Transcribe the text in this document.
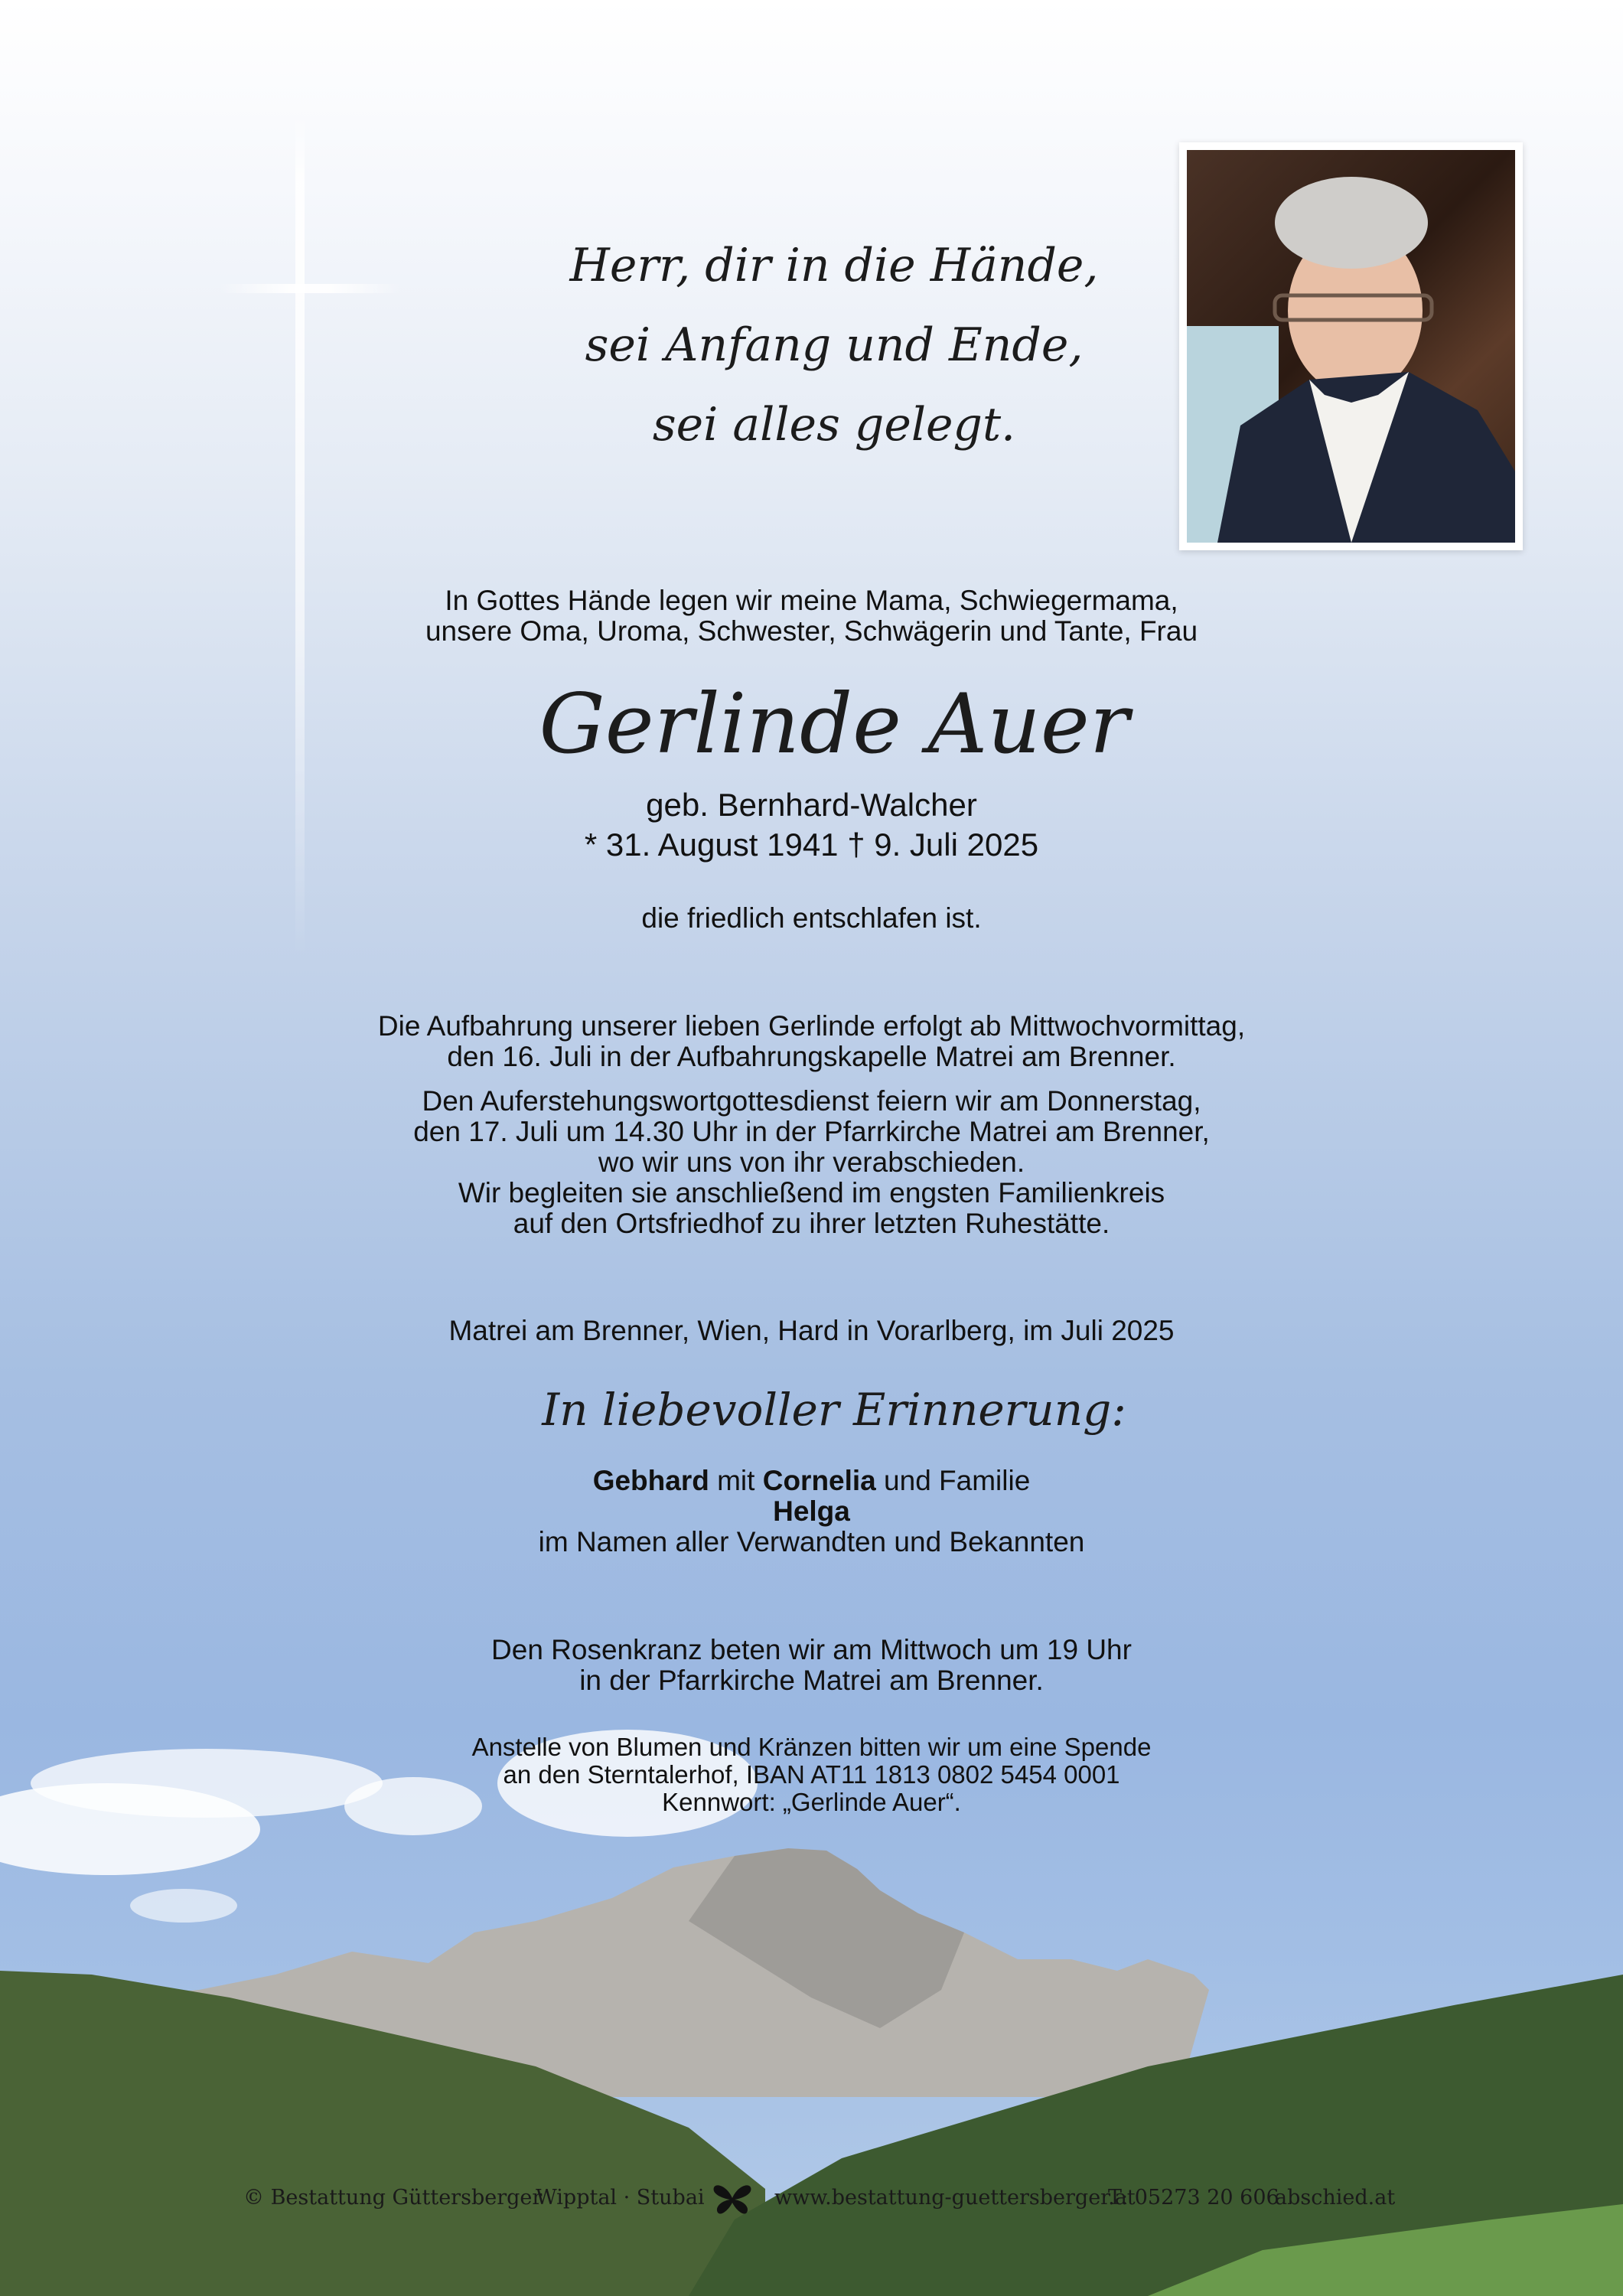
Herr, dir in die Hände,
sei Anfang und Ende,
sei alles gelegt.
In Gottes Hände legen wir meine Mama, Schwiegermama,
unsere Oma, Uroma, Schwester, Schwägerin und Tante, Frau
Gerlinde Auer
geb. Bernhard-Walcher
* 31. August 1941 † 9. Juli 2025
die friedlich entschlafen ist.
Die Aufbahrung unserer lieben Gerlinde erfolgt ab Mittwochvormittag,
den 16. Juli in der Aufbahrungskapelle Matrei am Brenner.
Den Auferstehungswortgottesdienst feiern wir am Donnerstag,
den 17. Juli um 14.30 Uhr in der Pfarrkirche Matrei am Brenner,
wo wir uns von ihr verabschieden.
Wir begleiten sie anschließend im engsten Familienkreis
auf den Ortsfriedhof zu ihrer letzten Ruhestätte.
Matrei am Brenner, Wien, Hard in Vorarlberg, im Juli 2025
In liebevoller Erinnerung:
Gebhard mit Cornelia und Familie
Helga
im Namen aller Verwandten und Bekannten
Den Rosenkranz beten wir am Mittwoch um 19 Uhr
in der Pfarrkirche Matrei am Brenner.
Anstelle von Blumen und Kränzen bitten wir um eine Spende
an den Sterntalerhof, IBAN AT11 1813 0802 5454 0001
Kennwort: „Gerlinde Auer“.
© Bestattung Güttersberger
Wipptal · Stubai	www.bestattung-guettersberger.at
T: 05273 20 606
abschied.at
